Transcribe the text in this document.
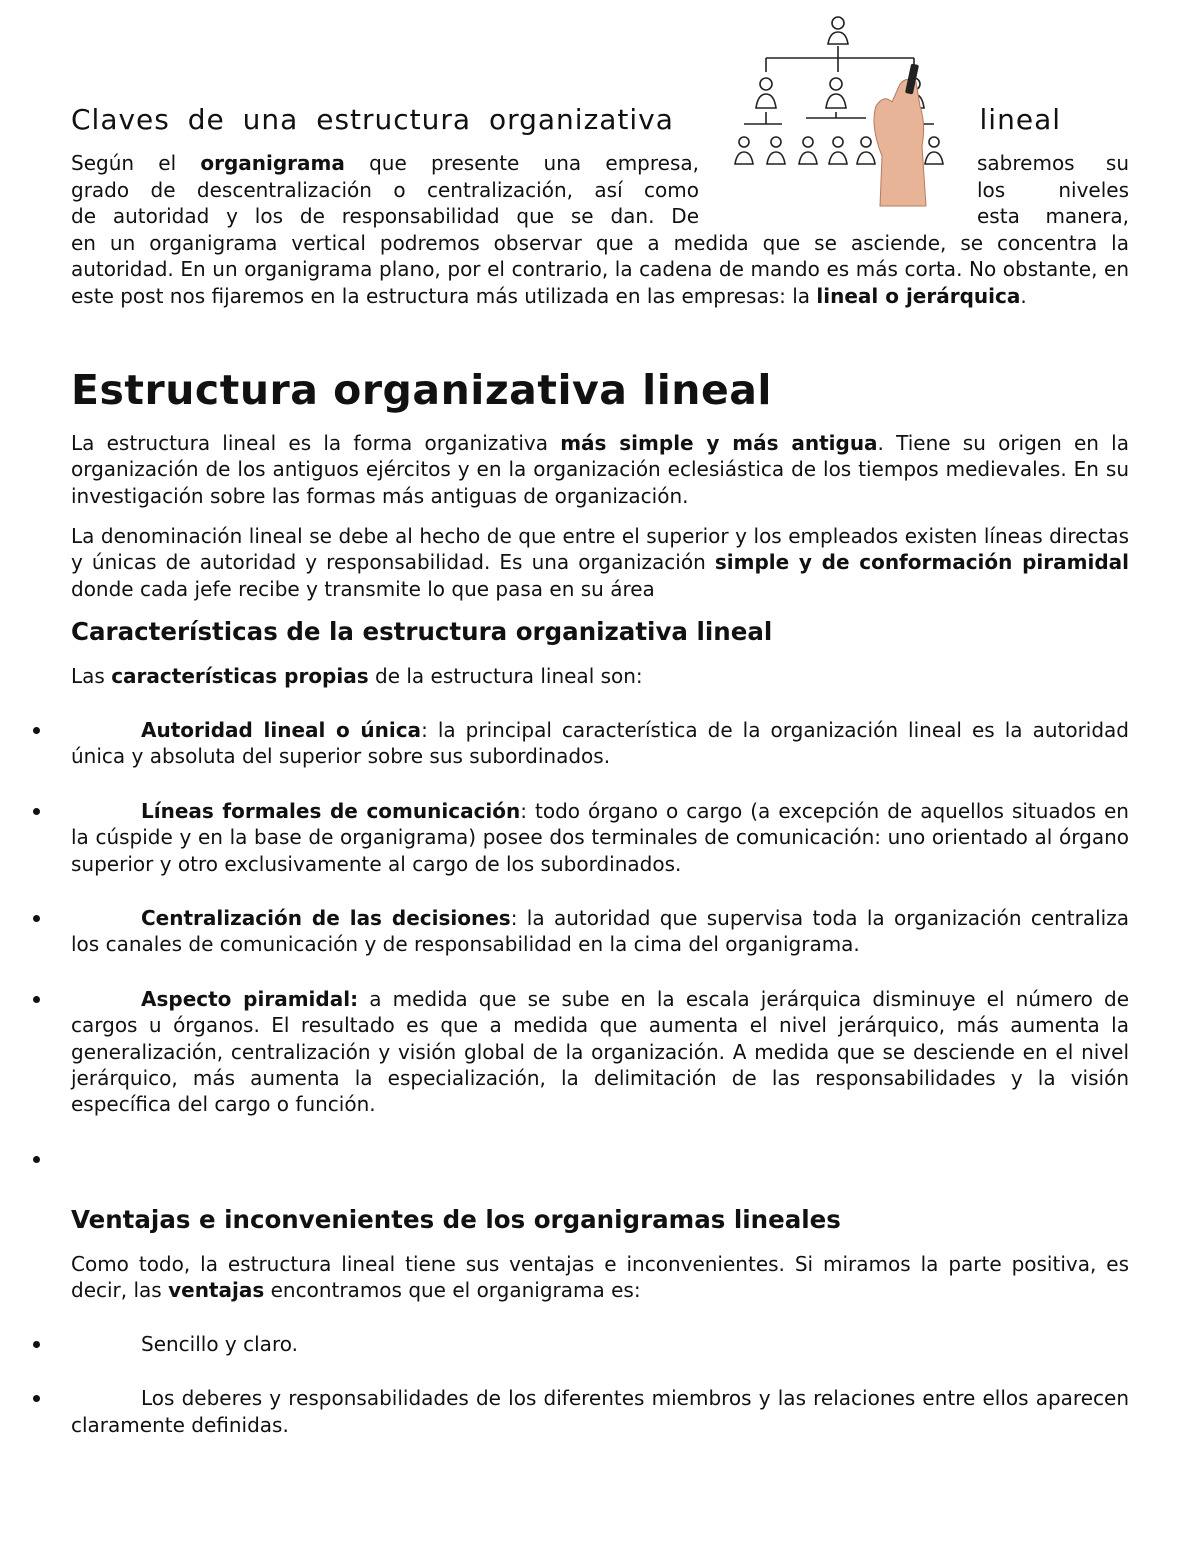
Claves de una estructura organizativa	lineal
Según el organigrama que presente una empresa,	sabremos su
grado de descentralización o centralización, así como	los niveles
de autoridad y los de responsabilidad que se dan. De	esta manera,
en un organigrama vertical podremos observar que a medida que se asciende, se concentra la autoridad. En un organigrama plano, por el contrario, la cadena de mando es más corta. No obstante, en este post nos fijaremos en la estructura más utilizada en las empresas: la lineal o jerárquica.
Estructura organizativa lineal
La estructura lineal es la forma organizativa más simple y más antigua. Tiene su origen en la organización de los antiguos ejércitos y en la organización eclesiástica de los tiempos medievales. En su investigación sobre las formas más antiguas de organización.
La denominación lineal se debe al hecho de que entre el superior y los empleados existen líneas directas y únicas de autoridad y responsabilidad. Es una organización simple y de conformación piramidal donde cada jefe recibe y transmite lo que pasa en su área
Características de la estructura organizativa lineal
Las características propias de la estructura lineal son:
Autoridad lineal o única: la principal característica de la organización lineal es la autoridad única y absoluta del superior sobre sus subordinados.
Líneas formales de comunicación: todo órgano o cargo (a excepción de aquellos situados en la cúspide y en la base de organigrama) posee dos terminales de comunicación: uno orientado al órgano superior y otro exclusivamente al cargo de los subordinados.
Centralización de las decisiones: la autoridad que supervisa toda la organización centraliza los canales de comunicación y de responsabilidad en la cima del organigrama.
Aspecto piramidal: a medida que se sube en la escala jerárquica disminuye el número de cargos u órganos. El resultado es que a medida que aumenta el nivel jerárquico, más aumenta la generalización, centralización y visión global de la organización. A medida que se desciende en el nivel jerárquico, más aumenta la especialización, la delimitación de las responsabilidades y la visión específica del cargo o función.
Ventajas e inconvenientes de los organigramas lineales
Como todo, la estructura lineal tiene sus ventajas e inconvenientes. Si miramos la parte positiva, es decir, las ventajas encontramos que el organigrama es:
Sencillo y claro.
Los deberes y responsabilidades de los diferentes miembros y las relaciones entre ellos aparecen claramente definidas.
